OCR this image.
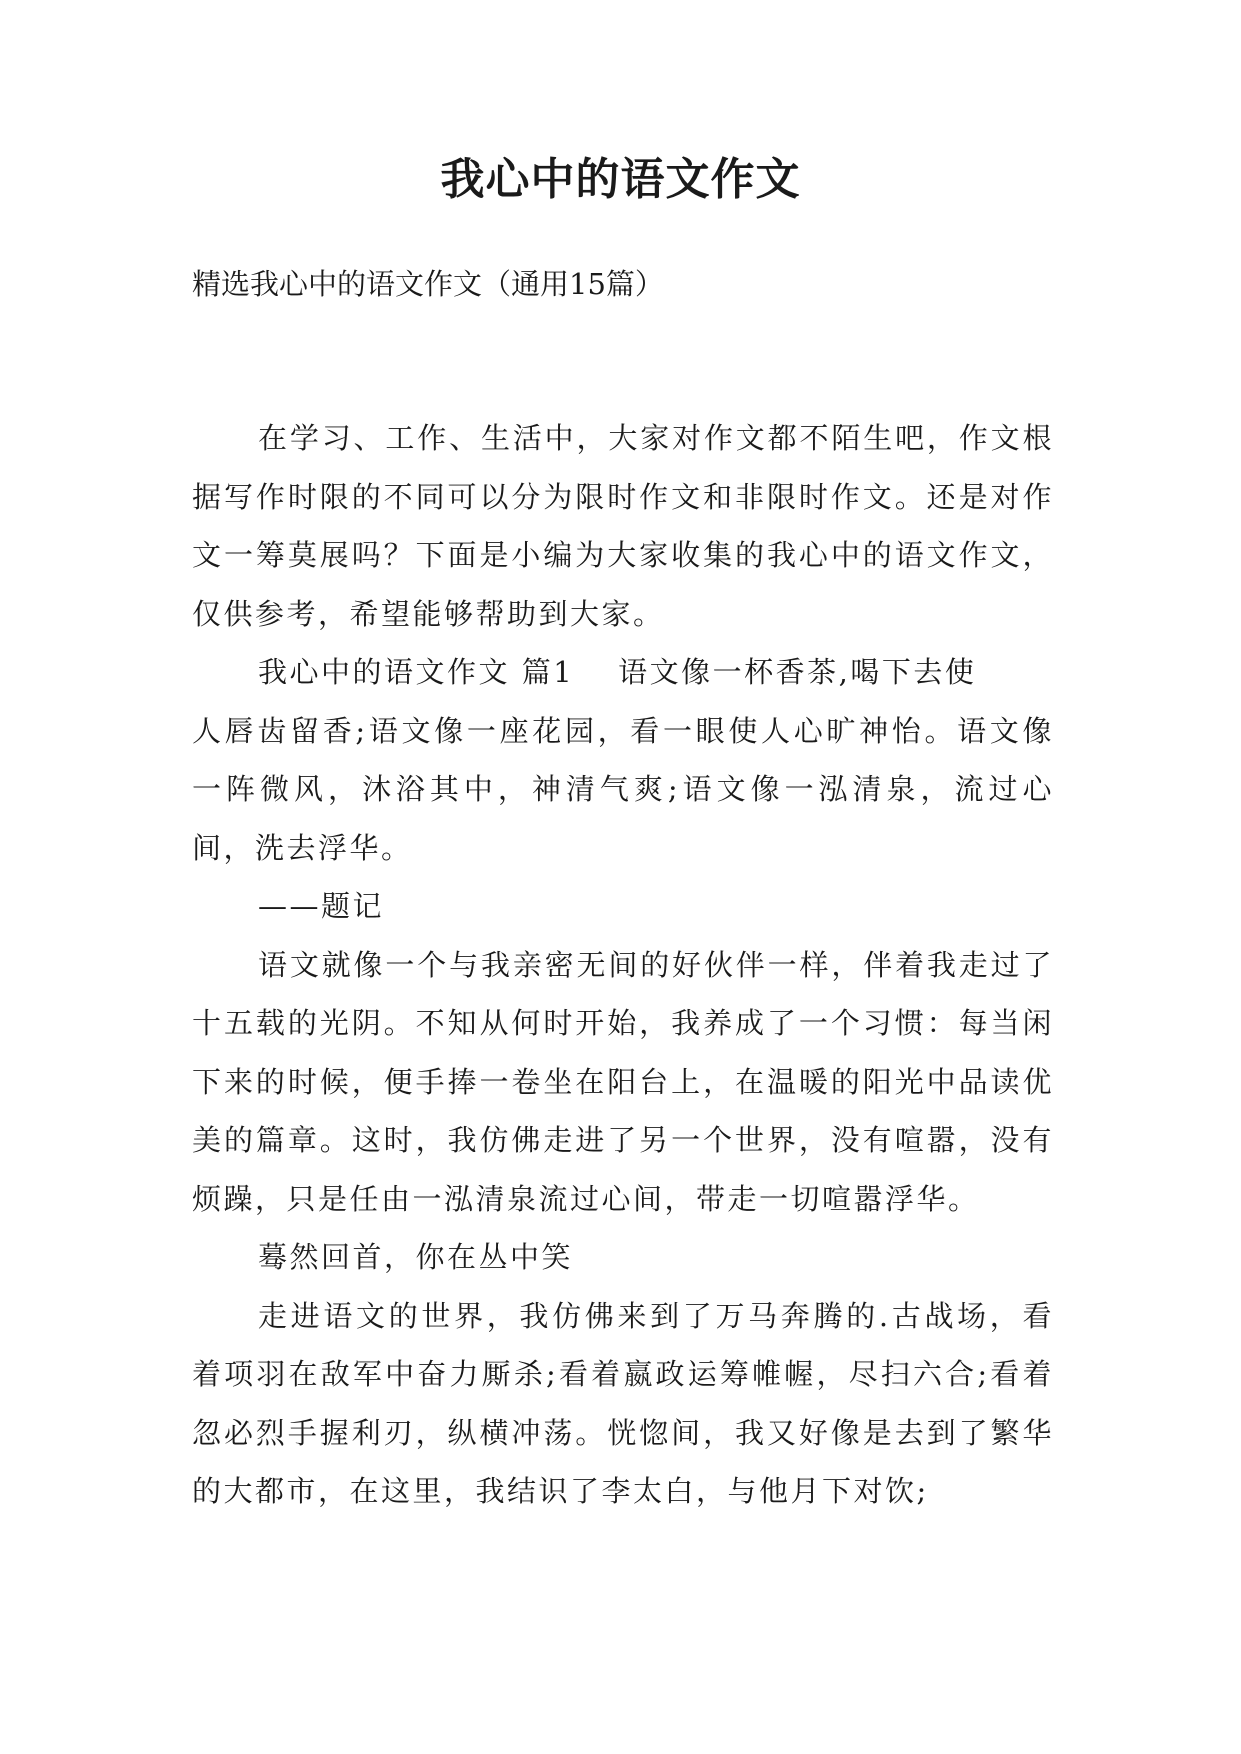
我心中的语文作文

精选我心中的语文作文（通用15篇）

在学习、工作、生活中，大家对作文都不陌生吧，作文根据写作时限的不同可以分为限时作文和非限时作文。还是对作文一筹莫展吗？下面是小编为大家收集的我心中的语文作文，仅供参考，希望能够帮助到大家。

我心中的语文作文 篇1 语文像一杯香茶,喝下去使

人唇齿留香;语文像一座花园，看一眼使人心旷神怡。语文像一阵微风，沐浴其中，神清气爽;语文像一泓清泉，流过心间，洗去浮华。

——题记

语文就像一个与我亲密无间的好伙伴一样，伴着我走过了十五载的光阴。不知从何时开始，我养成了一个习惯：每当闲下来的时候，便手捧一卷坐在阳台上，在温暖的阳光中品读优美的篇章。这时，我仿佛走进了另一个世界，没有喧嚣，没有烦躁，只是任由一泓清泉流过心间，带走一切喧嚣浮华。

蓦然回首，你在丛中笑

走进语文的世界，我仿佛来到了万马奔腾的.古战场，看着项羽在敌军中奋力厮杀;看着嬴政运筹帷幄，尽扫六合;看着忽必烈手握利刃，纵横冲荡。恍惚间，我又好像是去到了繁华的大都市，在这里，我结识了李太白，与他月下对饮;
